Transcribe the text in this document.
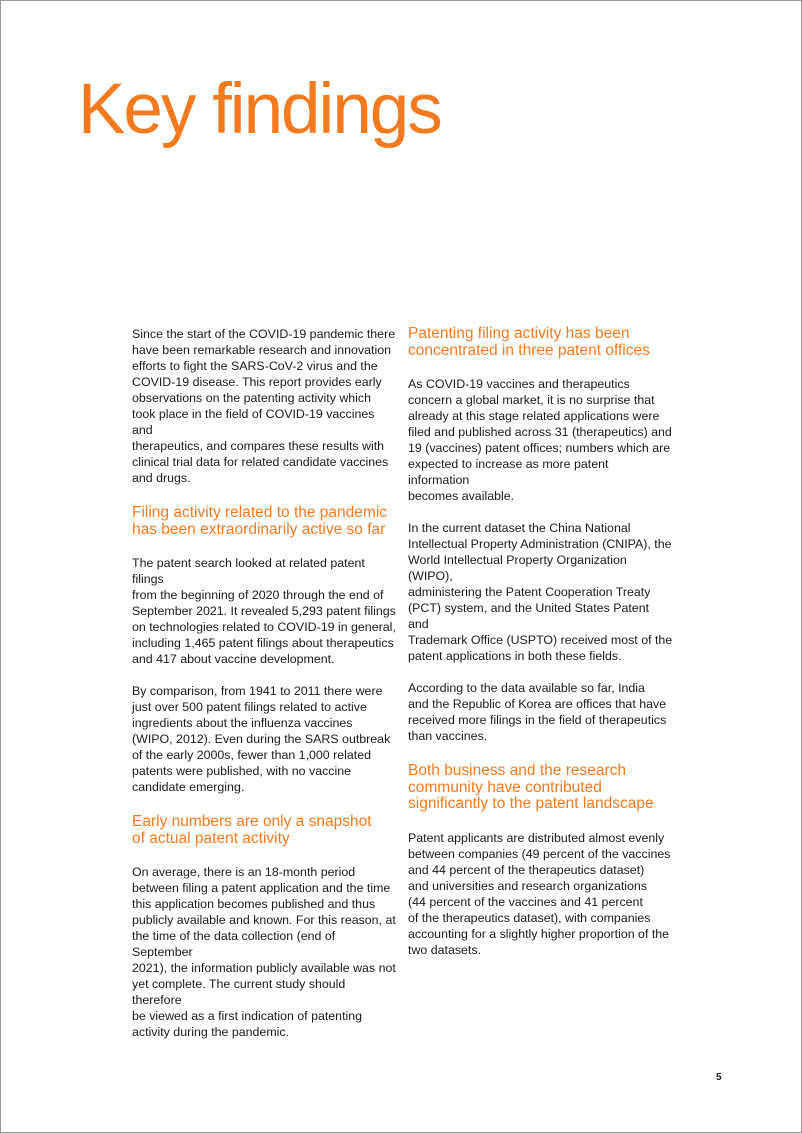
Key findings

Since the start of the COVID-19 pandemic there
have been remarkable research and innovation
efforts to fight the SARS-CoV-2 virus and the
COVID-19 disease. This report provides early
observations on the patenting activity which
took place in the field of COVID-19 vaccines and
therapeutics, and compares these results with
clinical trial data for related candidate vaccines
and drugs.

Filing activity related to the pandemic
has been extraordinarily active so far

The patent search looked at related patent filings
from the beginning of 2020 through the end of
September 2021. It revealed 5,293 patent filings
on technologies related to COVID-19 in general,
including 1,465 patent filings about therapeutics
and 417 about vaccine development.

By comparison, from 1941 to 2011 there were
just over 500 patent filings related to active
ingredients about the influenza vaccines
(WIPO, 2012). Even during the SARS outbreak
of the early 2000s, fewer than 1,000 related
patents were published, with no vaccine
candidate emerging.

Early numbers are only a snapshot
of actual patent activity

On average, there is an 18-month period
between filing a patent application and the time
this application becomes published and thus
publicly available and known. For this reason, at
the time of the data collection (end of September
2021), the information publicly available was not
yet complete. The current study should therefore
be viewed as a first indication of patenting
activity during the pandemic.

Patenting filing activity has been
concentrated in three patent offices

As COVID-19 vaccines and therapeutics
concern a global market, it is no surprise that
already at this stage related applications were
filed and published across 31 (therapeutics) and
19 (vaccines) patent offices; numbers which are
expected to increase as more patent information
becomes available.

In the current dataset the China National
Intellectual Property Administration (CNIPA), the
World Intellectual Property Organization (WIPO),
administering the Patent Cooperation Treaty
(PCT) system, and the United States Patent and
Trademark Office (USPTO) received most of the
patent applications in both these fields.

According to the data available so far, India
and the Republic of Korea are offices that have
received more filings in the field of therapeutics
than vaccines.

Both business and the research
community have contributed
significantly to the patent landscape

Patent applicants are distributed almost evenly
between companies (49 percent of the vaccines
and 44 percent of the therapeutics dataset)
and universities and research organizations
(44 percent of the vaccines and 41 percent
of the therapeutics dataset), with companies
accounting for a slightly higher proportion of the
two datasets.

5
